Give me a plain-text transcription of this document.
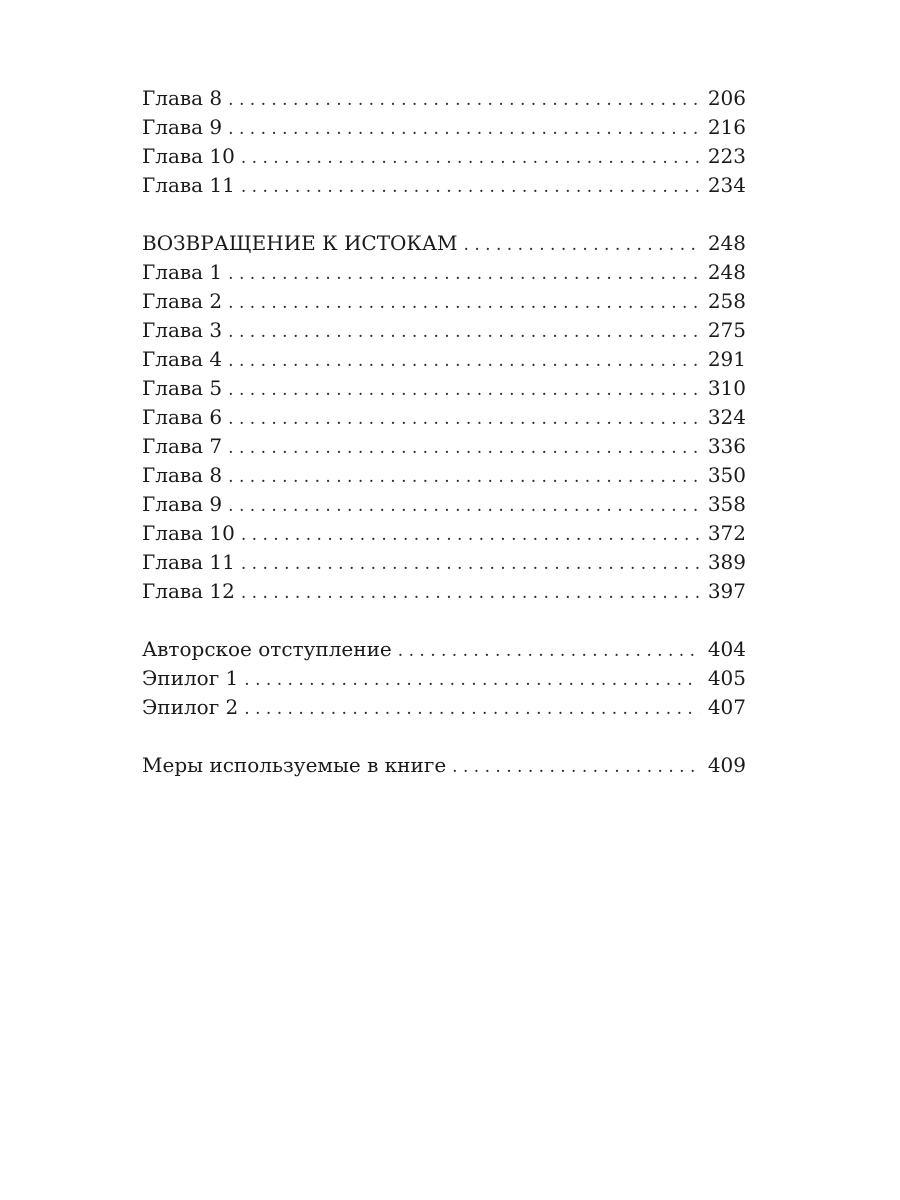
Глава 8 . . .	206
Глава 9 . . .	216
Глава 10 . . .	223
Глава 11 . . .	234
ВОЗВРАЩЕНИЕ К ИСТОКАМ . . .	248
Глава 1 . . .	248
Глава 2 . . .	258
Глава 3 . . .	275
Глава 4 . . .	291
Глава 5 . . .	310
Глава 6 . . .	324
Глава 7 . . .	336
Глава 8 . . .	350
Глава 9 . . .	358
Глава 10 . . .	372
Глава 11 . . .	389
Глава 12 . . .	397
Авторское отступление . . .	404
Эпилог 1 . . .	405
Эпилог 2 . . .	407
Меры используемые в книге . . .	409
